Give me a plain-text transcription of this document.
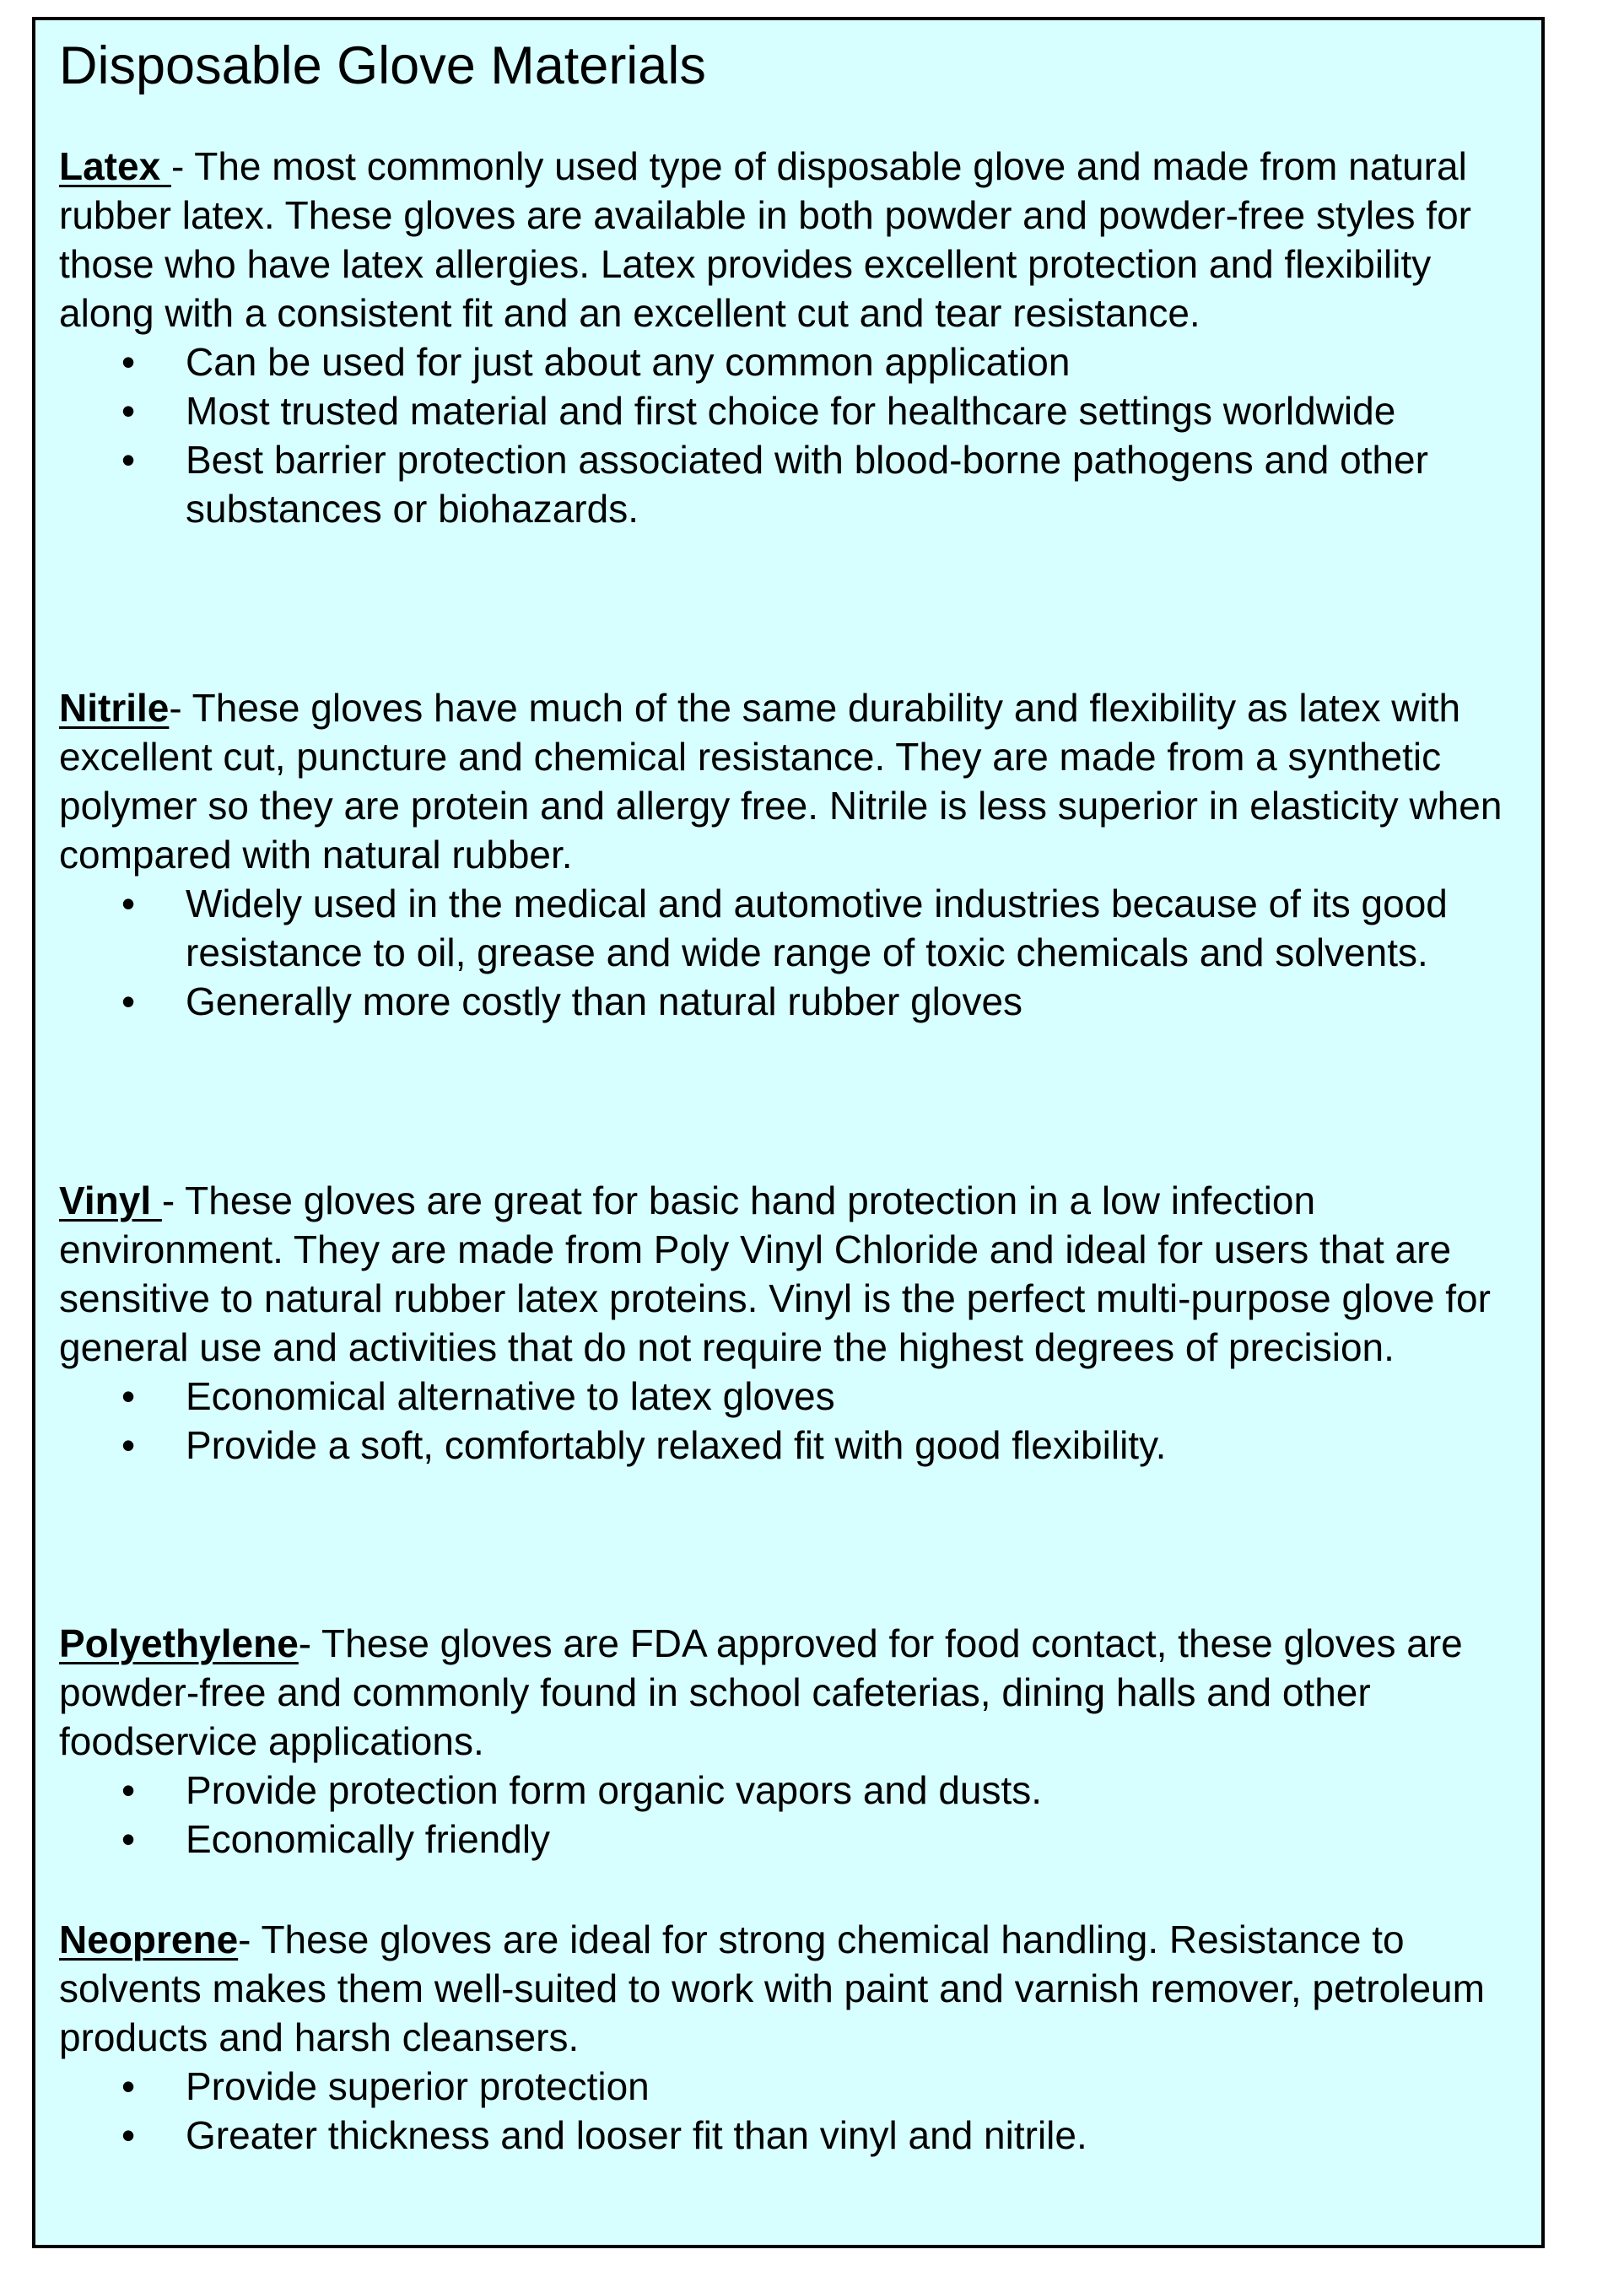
Disposable Glove Materials

Latex - The most commonly used type of disposable glove and made from natural rubber latex. These gloves are available in both powder and powder-free styles for those who have latex allergies. Latex provides excellent protection and flexibility along with a consistent fit and an excellent cut and tear resistance.

• Can be used for just about any common application
• Most trusted material and first choice for healthcare settings worldwide
• Best barrier protection associated with blood-borne pathogens and other substances or biohazards.

Nitrile- These gloves have much of the same durability and flexibility as latex with excellent cut, puncture and chemical resistance. They are made from a synthetic polymer so they are protein and allergy free. Nitrile is less superior in elasticity when compared with natural rubber.

• Widely used in the medical and automotive industries because of its good resistance to oil, grease and wide range of toxic chemicals and solvents.
• Generally more costly than natural rubber gloves

Vinyl - These gloves are great for basic hand protection in a low infection environment. They are made from Poly Vinyl Chloride and ideal for users that are sensitive to natural rubber latex proteins. Vinyl is the perfect multi-purpose glove for general use and activities that do not require the highest degrees of precision.

• Economical alternative to latex gloves
• Provide a soft, comfortably relaxed fit with good flexibility.

Polyethylene- These gloves are FDA approved for food contact, these gloves are powder-free and commonly found in school cafeterias, dining halls and other foodservice applications.

• Provide protection form organic vapors and dusts.
• Economically friendly

Neoprene- These gloves are ideal for strong chemical handling. Resistance to solvents makes them well-suited to work with paint and varnish remover, petroleum products and harsh cleansers.

• Provide superior protection
• Greater thickness and looser fit than vinyl and nitrile.
